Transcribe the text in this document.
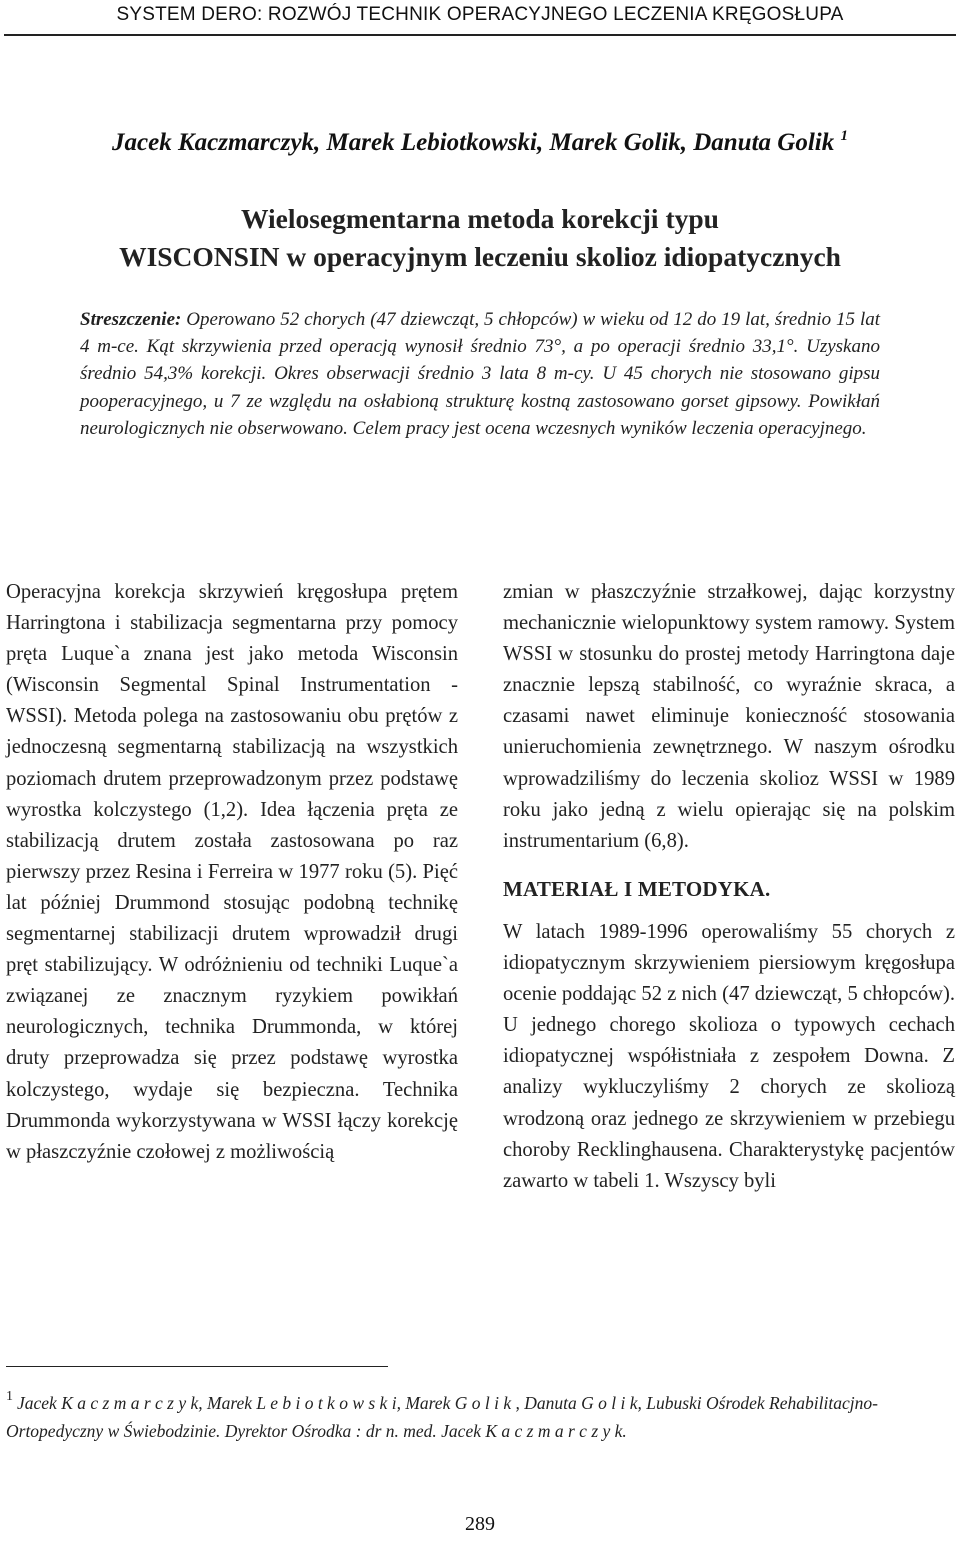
SYSTEM DERO: ROZWÓJ TECHNIK OPERACYJNEGO LECZENIA KRĘGOSŁUPA
Jacek Kaczmarczyk, Marek Lebiotkowski, Marek Golik, Danuta Golik $^1$
Wielosegmentarna metoda korekcji typu
WISCONSIN w operacyjnym leczeniu skolioz idiopatycznych
Streszczenie: Operowano 52 chorych (47 dziewcząt, 5 chłopców) w wieku od 12 do 19 lat, średnio 15 lat 4 m-ce. Kąt skrzywienia przed operacją wynosił średnio 73°, a po operacji średnio 33,1°. Uzyskano średnio 54,3% korekcji. Okres obserwacji średnio 3 lata 8 m-cy. U 45 chorych nie stosowano gipsu pooperacyjnego, u 7 ze względu na osłabioną strukturę kostną zastosowano gorset gipsowy. Powikłań neurologicznych nie obserwowano. Celem pracy jest ocena wczesnych wyników leczenia operacyjnego.

Operacyjna korekcja skrzywień kręgosłupa prętem Harringtona i stabilizacja segmentarna przy pomocy pręta Luque`a znana jest jako metoda Wisconsin (Wisconsin Segmental Spinal Instrumentation - WSSI). Metoda polega na zastosowaniu obu prętów z jednoczesną segmentarną stabilizacją na wszystkich poziomach drutem przeprowadzonym przez podstawę wyrostka kolczystego (1,2). Idea łączenia pręta ze stabilizacją drutem została zastosowana po raz pierwszy przez Resina i Ferreira w 1977 roku (5). Pięć lat później Drummond stosując podobną technikę segmentarnej stabilizacji drutem wprowadził drugi pręt stabilizujący. W odróżnieniu od techniki Luque`a związanej ze znacznym ryzykiem powikłań neurologicznych, technika Drummonda, w której druty przeprowadza się przez podstawę wyrostka kolczystego, wydaje się bezpieczna. Technika Drummonda wykorzystywana w WSSI łączy korekcję w płaszczyźnie czołowej z możliwością

zmian w płaszczyźnie strzałkowej, dając korzystny mechanicznie wielopunktowy system ramowy. System WSSI w stosunku do prostej metody Harringtona daje znacznie lepszą stabilność, co wyraźnie skraca, a czasami nawet eliminuje konieczność stosowania unieruchomienia zewnętrznego. W naszym ośrodku wprowadziliśmy do leczenia skolioz WSSI w 1989 roku jako jedną z wielu opierając się na polskim instrumentarium (6,8).

MATERIAŁ I METODYKA.

W latach 1989-1996 operowaliśmy 55 chorych z idiopatycznym skrzywieniem piersiowym kręgosłupa ocenie poddając 52 z nich (47 dziewcząt, 5 chłopców). U jednego chorego skolioza o typowych cechach idiopatycznej współistniała z zespołem Downa. Z analizy wykluczyliśmy 2 chorych ze skoliozą wrodzoną oraz jednego ze skrzywieniem w przebiegu choroby Recklinghausena. Charakterystykę pacjentów zawarto w tabeli 1. Wszyscy byli

$^1$ Jacek K a c z m a r c z y k, Marek L e b i o t k o w s k i, Marek G o l i k , Danuta G o l i k, Lubuski Ośrodek Rehabilitacjno-Ortopedyczny w Świebodzinie. Dyrektor Ośrodka : dr n. med. Jacek K a c z m a r c z y k.
289
